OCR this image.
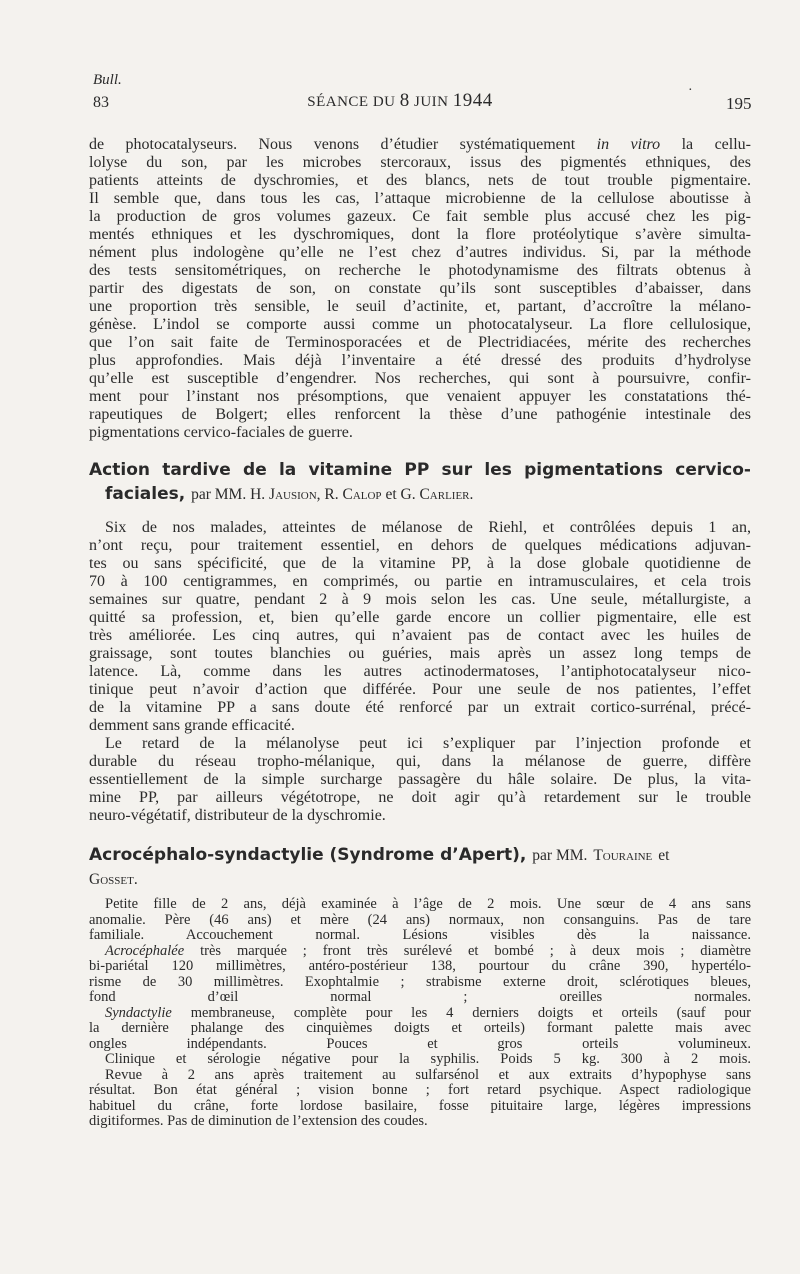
Bull.
83	SÉANCE DU 8 JUIN 1944	·
195
de photocatalyseurs. Nous venons d’étudier systématiquement in vitro la cellu-
lolyse du son, par les microbes stercoraux, issus des pigmentés ethniques, des
patients atteints de dyschromies, et des blancs, nets de tout trouble pigmentaire.
Il semble que, dans tous les cas, l’attaque microbienne de la cellulose aboutisse à
la production de gros volumes gazeux. Ce fait semble plus accusé chez les pig-
mentés ethniques et les dyschromiques, dont la flore protéolytique s’avère simulta-
nément plus indologène qu’elle ne l’est chez d’autres individus. Si, par la méthode
des tests sensitométriques, on recherche le photodynamisme des filtrats obtenus à
partir des digestats de son, on constate qu’ils sont susceptibles d’abaisser, dans
une proportion très sensible, le seuil d’actinite, et, partant, d’accroître la mélano-
génèse. L’indol se comporte aussi comme un photocatalyseur. La flore cellulosique,
que l’on sait faite de Terminosporacées et de Plectridiacées, mérite des recherches
plus approfondies. Mais déjà l’inventaire a été dressé des produits d’hydrolyse
qu’elle est susceptible d’engendrer. Nos recherches, qui sont à poursuivre, confir-
ment pour l’instant nos présomptions, que venaient appuyer les constatations thé-
rapeutiques de Bolgert; elles renforcent la thèse d’une pathogénie intestinale des
pigmentations cervico-faciales de guerre.
Action tardive de la vitamine PP sur les pigmentations cervico-
faciales, par MM. H. Jausion, R. Calop et G. Carlier.
Six de nos malades, atteintes de mélanose de Riehl, et contrôlées depuis 1 an,
n’ont reçu, pour traitement essentiel, en dehors de quelques médications adjuvan-
tes ou sans spécificité, que de la vitamine PP, à la dose globale quotidienne de
70 à 100 centigrammes, en comprimés, ou partie en intramusculaires, et cela trois
semaines sur quatre, pendant 2 à 9 mois selon les cas. Une seule, métallurgiste, a
quitté sa profession, et, bien qu’elle garde encore un collier pigmentaire, elle est
très améliorée. Les cinq autres, qui n’avaient pas de contact avec les huiles de
graissage, sont toutes blanchies ou guéries, mais après un assez long temps de
latence. Là, comme dans les autres actinodermatoses, l’antiphotocatalyseur nico-
tinique peut n’avoir d’action que différée. Pour une seule de nos patientes, l’effet
de la vitamine PP a sans doute été renforcé par un extrait cortico-surrénal, précé-
demment sans grande efficacité.
Le retard de la mélanolyse peut ici s’expliquer par l’injection profonde et
durable du réseau tropho-mélanique, qui, dans la mélanose de guerre, diffère
essentiellement de la simple surcharge passagère du hâle solaire. De plus, la vita-
mine PP, par ailleurs végétotrope, ne doit agir qu’à retardement sur le trouble
neuro-végétatif, distributeur de la dyschromie.
Acrocéphalo-syndactylie (Syndrome d’Apert), par MM. Touraine et
Gosset.
Petite fille de 2 ans, déjà examinée à l’âge de 2 mois. Une sœur de 4 ans sans
anomalie. Père (46 ans) et mère (24 ans) normaux, non consanguins. Pas de tare
familiale. Accouchement normal. Lésions visibles dès la naissance.
Acrocéphalée très marquée ; front très surélevé et bombé ; à deux mois ; diamètre
bi-pariétal 120 millimètres, antéro-postérieur 138, pourtour du crâne 390, hypertélo-
risme de 30 millimètres. Exophtalmie ; strabisme externe droit, sclérotiques bleues,
fond d’œil normal ; oreilles normales.
Syndactylie membraneuse, complète pour les 4 derniers doigts et orteils (sauf pour
la dernière phalange des cinquièmes doigts et orteils) formant palette mais avec
ongles indépendants. Pouces et gros orteils volumineux.
Clinique et sérologie négative pour la syphilis. Poids 5 kg. 300 à 2 mois.
Revue à 2 ans après traitement au sulfarsénol et aux extraits d’hypophyse sans
résultat. Bon état général ; vision bonne ; fort retard psychique. Aspect radiologique
habituel du crâne, forte lordose basilaire, fosse pituitaire large, légères impressions
digitiformes. Pas de diminution de l’extension des coudes.
